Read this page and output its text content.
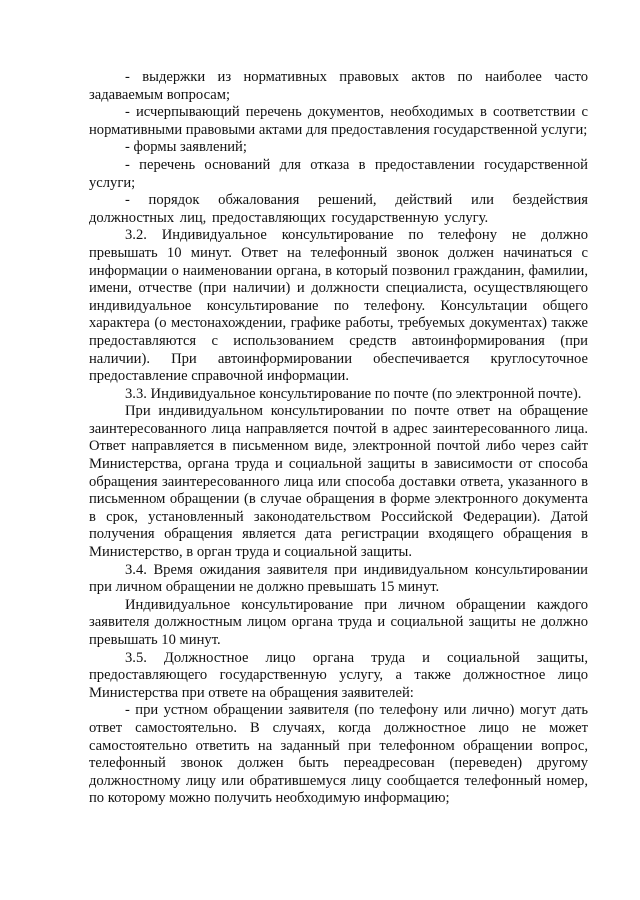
- выдержки из нормативных правовых актов по наиболее часто задаваемым вопросам;

- исчерпывающий перечень документов, необходимых в соответствии с нормативными правовыми актами для предоставления государственной услуги;

- формы заявлений;

- перечень оснований для отказа в предоставлении государственной услуги;

- порядок обжалования решений, действий или бездействия должностных лиц, предоставляющих государственную услугу.

3.2. Индивидуальное консультирование по телефону не должно превышать 10 минут. Ответ на телефонный звонок должен начинаться с информации о наименовании органа, в который позвонил гражданин, фамилии, имени, отчестве (при наличии) и должности специалиста, осуществляющего индивидуальное консультирование по телефону. Консультации общего характера (о местонахождении, графике работы, требуемых документах) также предоставляются с использованием средств автоинформирования (при наличии). При автоинформировании обеспечивается круглосуточное предоставление справочной информации.

3.3. Индивидуальное консультирование по почте (по электронной почте).

При индивидуальном консультировании по почте ответ на обращение заинтересованного лица направляется почтой в адрес заинтересованного лица. Ответ направляется в письменном виде, электронной почтой либо через сайт Министерства, органа труда и социальной защиты в зависимости от способа обращения заинтересованного лица или способа доставки ответа, указанного в письменном обращении (в случае обращения в форме электронного документа в срок, установленный законодательством Российской Федерации). Датой получения обращения является дата регистрации входящего обращения в Министерство, в орган труда и социальной защиты.

3.4. Время ожидания заявителя при индивидуальном консультировании при личном обращении не должно превышать 15 минут.

Индивидуальное консультирование при личном обращении каждого заявителя должностным лицом органа труда и социальной защиты не должно превышать 10 минут.

3.5. Должностное лицо органа труда и социальной защиты, предоставляющего государственную услугу, а также должностное лицо Министерства при ответе на обращения заявителей:

- при устном обращении заявителя (по телефону или лично) могут дать ответ самостоятельно. В случаях, когда должностное лицо не может самостоятельно ответить на заданный при телефонном обращении вопрос, телефонный звонок должен быть переадресован (переведен) другому должностному лицу или обратившемуся лицу сообщается телефонный номер, по которому можно получить необходимую информацию;
